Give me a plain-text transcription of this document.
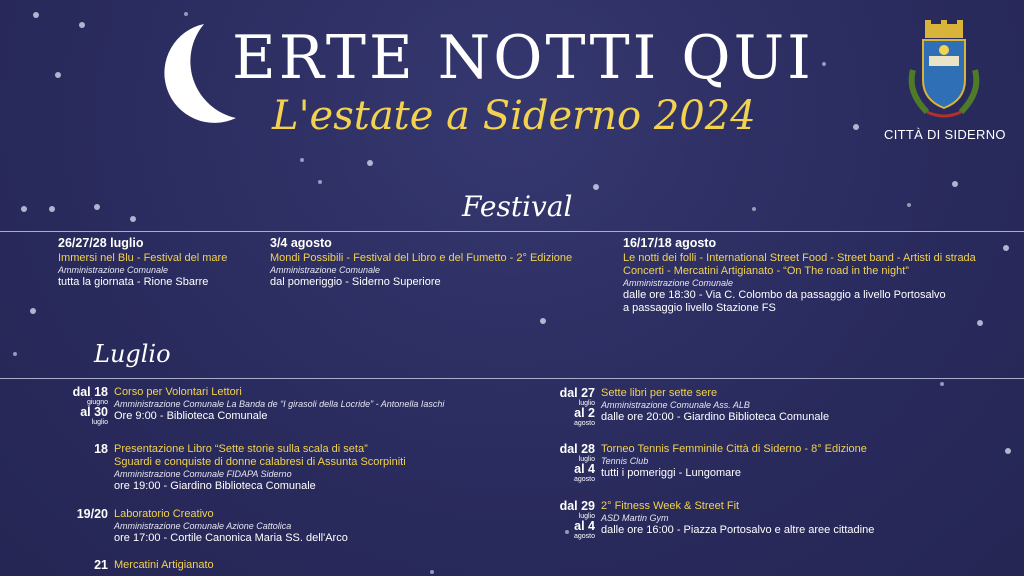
ERTE NOTTI QUI
L'estate a Siderno 2024	CITTÀ DI SIDERNO
Festival
26/27/28 luglio
Immersi nel Blu - Festival del mare
Amministrazione Comunale
tutta la giornata - Rione Sbarre
3/4 agosto
Mondi Possibili - Festival del Libro e del Fumetto - 2° Edizione
Amministrazione Comunale
dal pomeriggio - Siderno Superiore
16/17/18 agosto
Le notti dei folli - International Street Food - Street band - Artisti di strada
Concerti - Mercatini Artigianato - “On The road in the night”
Amministrazione Comunale
dalle ore 18:30 - Via C. Colombo da passaggio a livello Portosalvo
a passaggio livello Stazione FS
Luglio
dal 18
giugno
al 30
luglio
Corso per Volontari Lettori
Amministrazione Comunale La Banda de “I girasoli della Locride” - Antonella Iaschi
Ore 9:00 - Biblioteca Comunale
18 Presentazione Libro “Sette storie sulla scala di seta”
Sguardi e conquiste di donne calabresi di Assunta Scorpiniti
Amministrazione Comunale FIDAPA Siderno
ore 19:00 - Giardino Biblioteca Comunale
19/20 Laboratorio Creativo
Amministrazione Comunale Azione Cattolica
ore 17:00 - Cortile Canonica Maria SS. dell'Arco
21 Mercatini Artigianato
dal 27
luglio
al 2
agosto
Sette libri per sette sere
Amministrazione Comunale Ass. ALB
dalle ore 20:00 - Giardino Biblioteca Comunale
dal 28
luglio
al 4
agosto
Torneo Tennis Femminile Città di Siderno - 8° Edizione
Tennis Club
tutti i pomeriggi - Lungomare
dal 29
luglio
al 4
agosto
2° Fitness Week & Street Fit
ASD Martin Gym
dalle ore 16:00 - Piazza Portosalvo e altre aree cittadine
